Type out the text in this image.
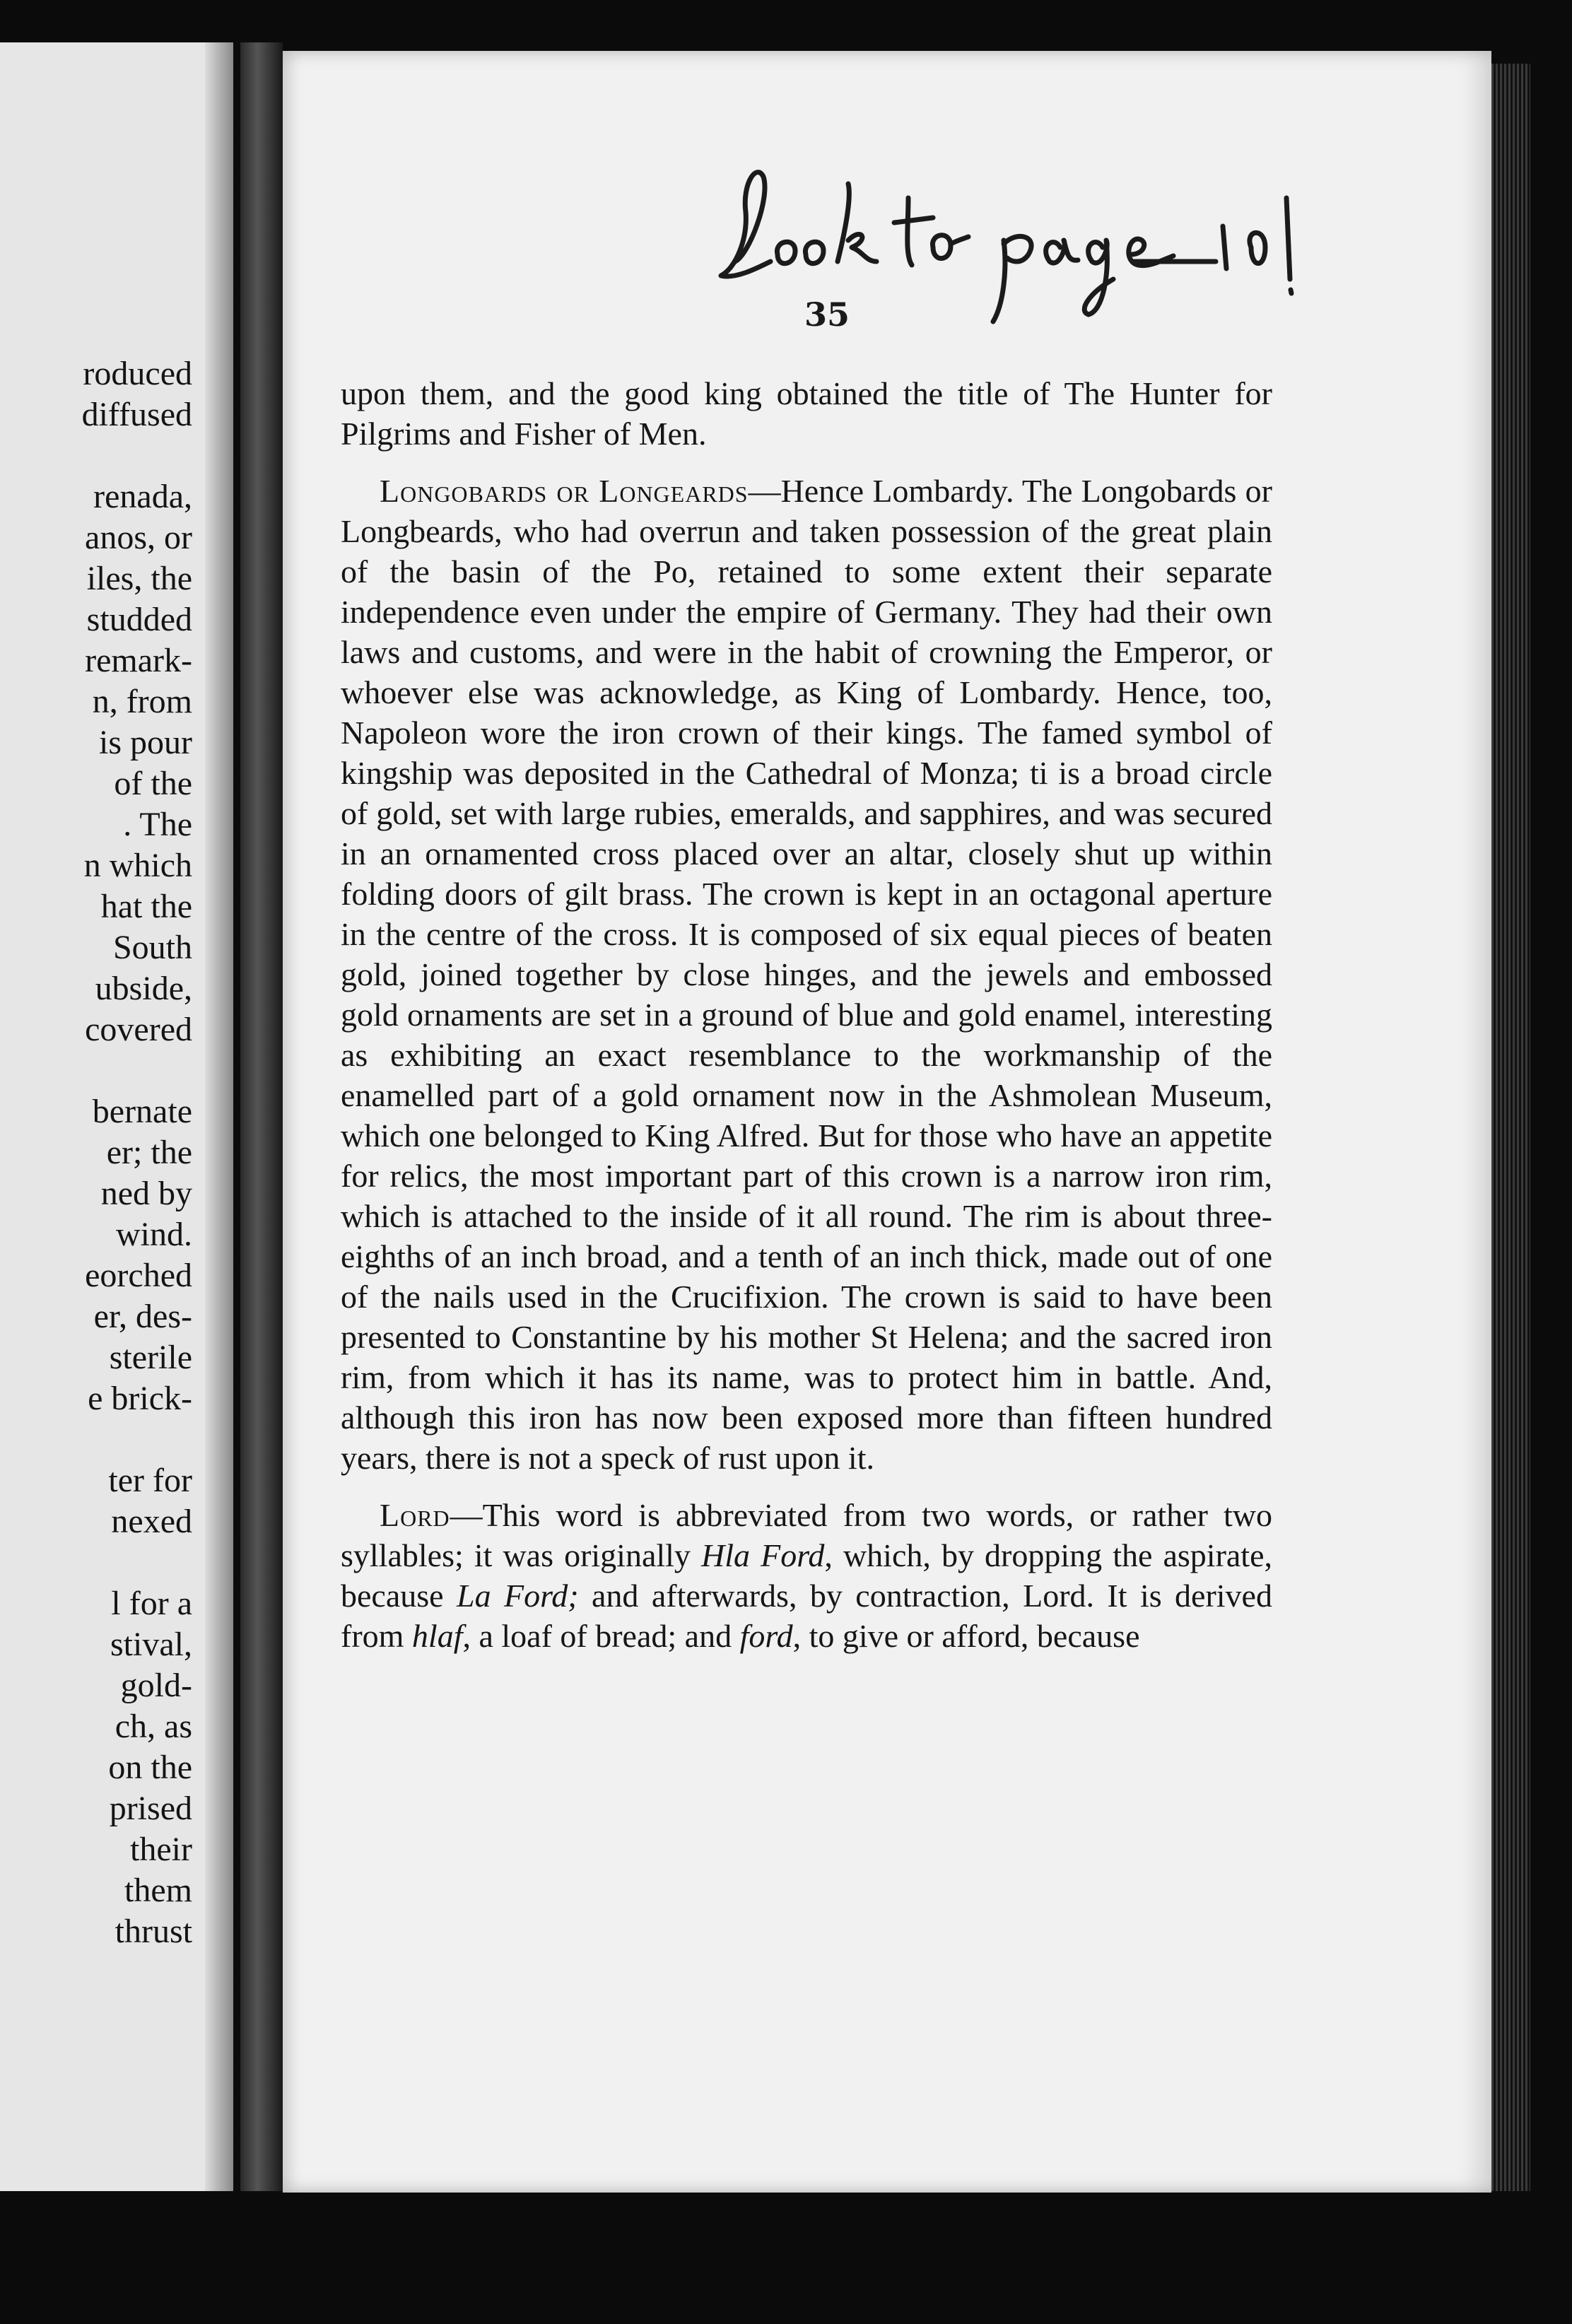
roduced
diffused
renada,
anos, or
iles, the
studded
remark-
n, from
is pour
of the
. The
n which
hat the
South
ubside,
covered
bernate
er; the
ned by
wind.
eorched
er, des-
sterile
e brick-
ter for
nexed
l for a
stival,
gold-
ch, as
on the
prised
their
them
thrust
35

upon them, and the good king obtained the title of The Hunter for Pilgrims and Fisher of Men.

Longobards or Longeards—Hence Lombardy. The Longobards or Longbeards, who had overrun and taken possession of the great plain of the basin of the Po, retained to some extent their separate independence even under the empire of Germany. They had their own laws and customs, and were in the habit of crowning the Emperor, or whoever else was acknowledge, as King of Lombardy. Hence, too, Napoleon wore the iron crown of their kings. The famed symbol of kingship was deposited in the Cathedral of Monza; ti is a broad circle of gold, set with large rubies, emeralds, and sapphires, and was secured in an ornamented cross placed over an altar, closely shut up within folding doors of gilt brass. The crown is kept in an octagonal aperture in the centre of the cross. It is composed of six equal pieces of beaten gold, joined together by close hinges, and the jewels and embossed gold ornaments are set in a ground of blue and gold enamel, interesting as exhibiting an exact resemblance to the workmanship of the enamelled part of a gold ornament now in the Ashmolean Museum, which one belonged to King Alfred. But for those who have an appetite for relics, the most important part of this crown is a narrow iron rim, which is attached to the inside of it all round. The rim is about three-eighths of an inch broad, and a tenth of an inch thick, made out of one of the nails used in the Crucifixion. The crown is said to have been presented to Constantine by his mother St Helena; and the sacred iron rim, from which it has its name, was to protect him in battle. And, although this iron has now been exposed more than fifteen hundred years, there is not a speck of rust upon it.

Lord—This word is abbreviated from two words, or rather two syllables; it was originally Hla Ford, which, by dropping the aspirate, because La Ford; and afterwards, by contraction, Lord. It is derived from hlaf, a loaf of bread; and ford, to give or afford, because
